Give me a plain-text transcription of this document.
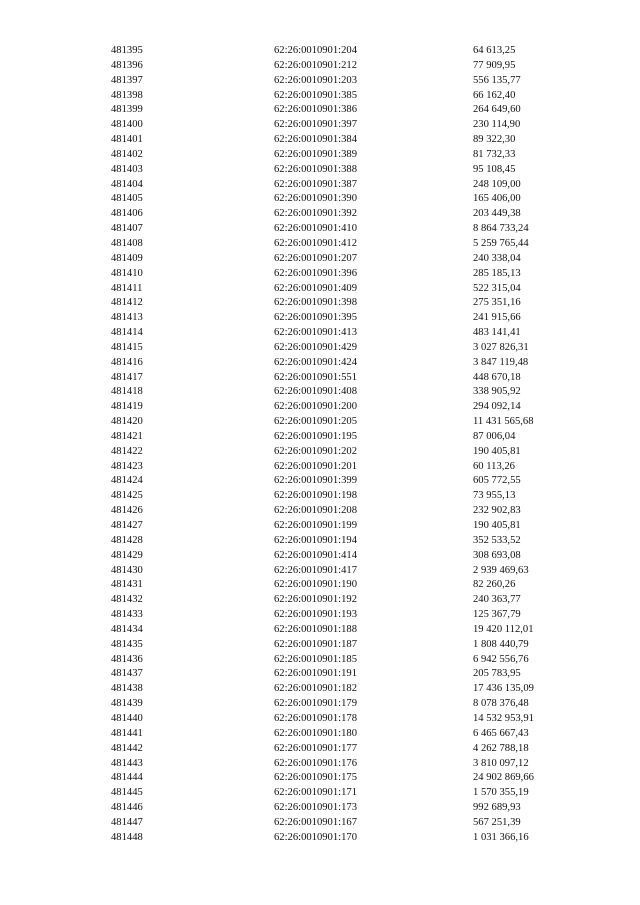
481395	62:26:0010901:204	64 613,25
481396	62:26:0010901:212	77 909,95
481397	62:26:0010901:203	556 135,77
481398	62:26:0010901:385	66 162,40
481399	62:26:0010901:386	264 649,60
481400	62:26:0010901:397	230 114,90
481401	62:26:0010901:384	89 322,30
481402	62:26:0010901:389	81 732,33
481403	62:26:0010901:388	95 108,45
481404	62:26:0010901:387	248 109,00
481405	62:26:0010901:390	165 406,00
481406	62:26:0010901:392	203 449,38
481407	62:26:0010901:410	8 864 733,24
481408	62:26:0010901:412	5 259 765,44
481409	62:26:0010901:207	240 338,04
481410	62:26:0010901:396	285 185,13
481411	62:26:0010901:409	522 315,04
481412	62:26:0010901:398	275 351,16
481413	62:26:0010901:395	241 915,66
481414	62:26:0010901:413	483 141,41
481415	62:26:0010901:429	3 027 826,31
481416	62:26:0010901:424	3 847 119,48
481417	62:26:0010901:551	448 670,18
481418	62:26:0010901:408	338 905,92
481419	62:26:0010901:200	294 092,14
481420	62:26:0010901:205	11 431 565,68
481421	62:26:0010901:195	87 006,04
481422	62:26:0010901:202	190 405,81
481423	62:26:0010901:201	60 113,26
481424	62:26:0010901:399	605 772,55
481425	62:26:0010901:198	73 955,13
481426	62:26:0010901:208	232 902,83
481427	62:26:0010901:199	190 405,81
481428	62:26:0010901:194	352 533,52
481429	62:26:0010901:414	308 693,08
481430	62:26:0010901:417	2 939 469,63
481431	62:26:0010901:190	82 260,26
481432	62:26:0010901:192	240 363,77
481433	62:26:0010901:193	125 367,79
481434	62:26:0010901:188	19 420 112,01
481435	62:26:0010901:187	1 808 440,79
481436	62:26:0010901:185	6 942 556,76
481437	62:26:0010901:191	205 783,95
481438	62:26:0010901:182	17 436 135,09
481439	62:26:0010901:179	8 078 376,48
481440	62:26:0010901:178	14 532 953,91
481441	62:26:0010901:180	6 465 667,43
481442	62:26:0010901:177	4 262 788,18
481443	62:26:0010901:176	3 810 097,12
481444	62:26:0010901:175	24 902 869,66
481445	62:26:0010901:171	1 570 355,19
481446	62:26:0010901:173	992 689,93
481447	62:26:0010901:167	567 251,39
481448	62:26:0010901:170	1 031 366,16
